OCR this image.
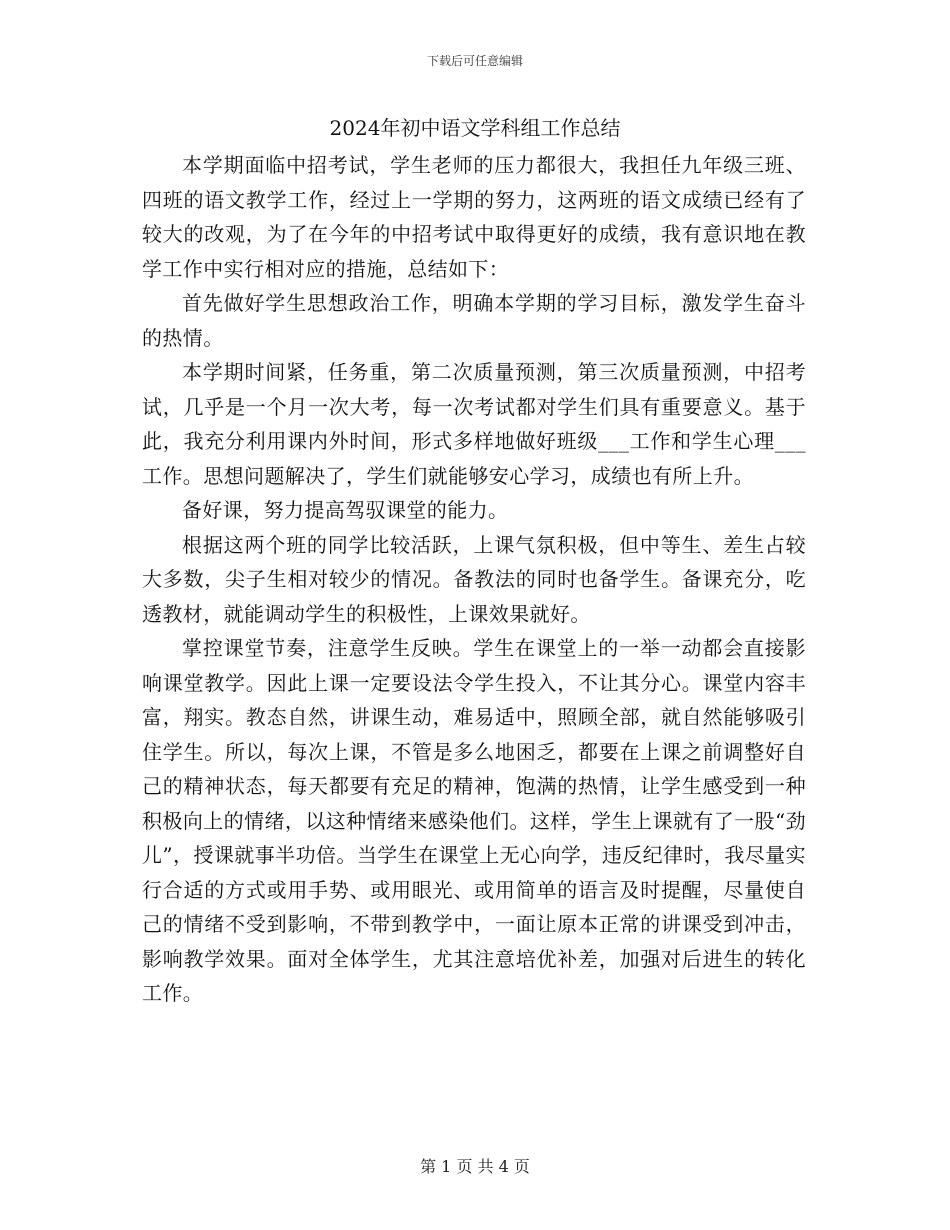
下载后可任意编辑
2024年初中语文学科组工作总结

本学期面临中招考试，学生老师的压力都很大，我担任九年级三班、四班的语文教学工作，经过上一学期的努力，这两班的语文成绩已经有了较大的改观，为了在今年的中招考试中取得更好的成绩，我有意识地在教学工作中实行相对应的措施，总结如下：

首先做好学生思想政治工作，明确本学期的学习目标，激发学生奋斗的热情。

本学期时间紧，任务重，第二次质量预测，第三次质量预测，中招考试，几乎是一个月一次大考，每一次考试都对学生们具有重要意义。基于此，我充分利用课内外时间，形式多样地做好班级___工作和学生心理___工作。思想问题解决了，学生们就能够安心学习，成绩也有所上升。

备好课，努力提高驾驭课堂的能力。

根据这两个班的同学比较活跃，上课气氛积极，但中等生、差生占较大多数，尖子生相对较少的情况。备教法的同时也备学生。备课充分，吃透教材，就能调动学生的积极性，上课效果就好。

掌控课堂节奏，注意学生反映。学生在课堂上的一举一动都会直接影响课堂教学。因此上课一定要设法令学生投入，不让其分心。课堂内容丰富，翔实。教态自然，讲课生动，难易适中，照顾全部，就自然能够吸引住学生。所以，每次上课，不管是多么地困乏，都要在上课之前调整好自己的精神状态，每天都要有充足的精神，饱满的热情，让学生感受到一种积极向上的情绪，以这种情绪来感染他们。这样，学生上课就有了一股“劲儿”，授课就事半功倍。当学生在课堂上无心向学，违反纪律时，我尽量实行合适的方式或用手势、或用眼光、或用简单的语言及时提醒，尽量使自己的情绪不受到影响，不带到教学中，一面让原本正常的讲课受到冲击，影响教学效果。面对全体学生，尤其注意培优补差，加强对后进生的转化工作。

第 1 页 共 4 页
